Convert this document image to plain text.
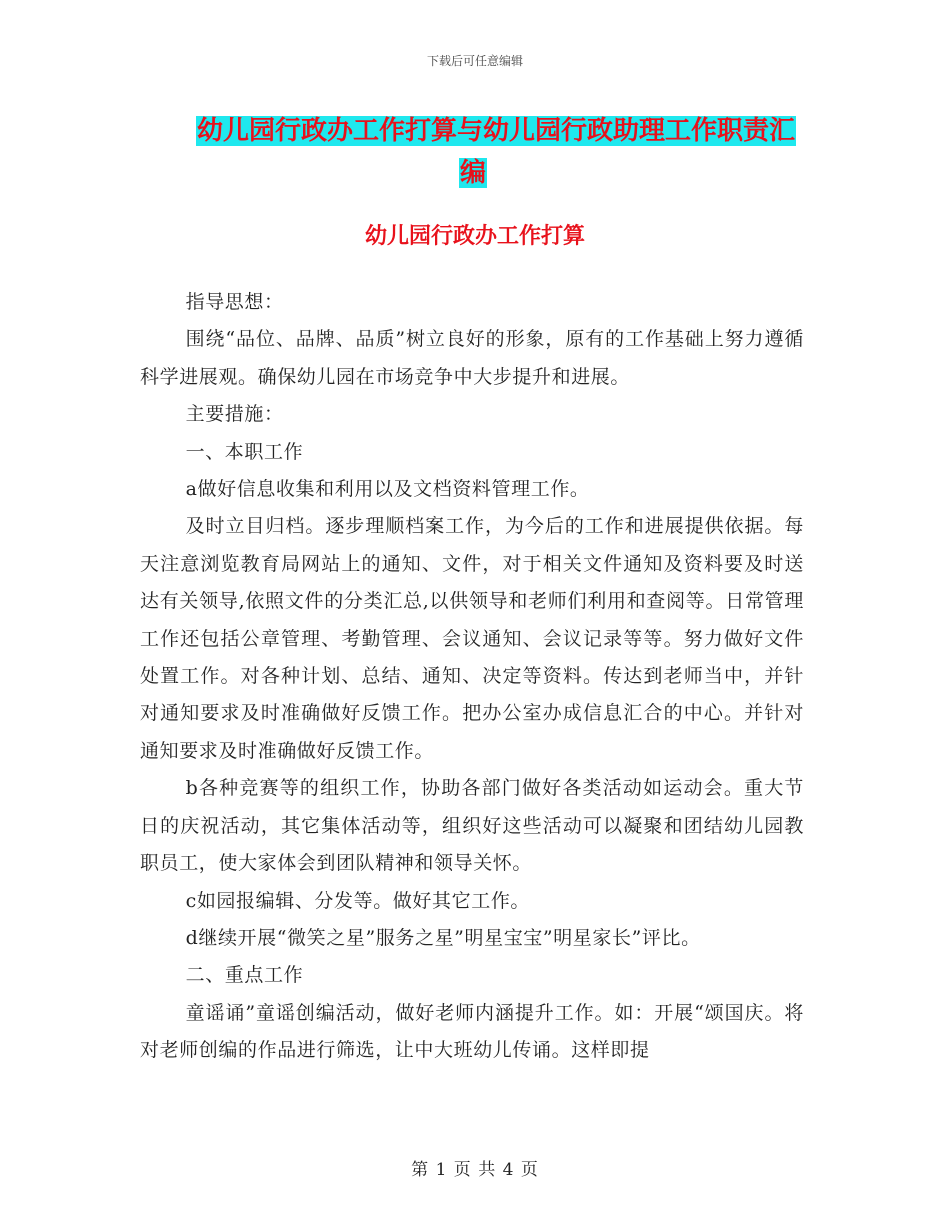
下载后可任意编辑
幼儿园行政办工作打算与幼儿园行政助理工作职责汇
编
幼儿园行政办工作打算

指导思想：

围绕“品位、品牌、品质”树立良好的形象，原有的工作基础上努力遵循科学进展观。确保幼儿园在市场竞争中大步提升和进展。

主要措施：

一、本职工作

a做好信息收集和利用以及文档资料管理工作。

及时立目归档。逐步理顺档案工作，为今后的工作和进展提供依据。每天注意浏览教育局网站上的通知、文件，对于相关文件通知及资料要及时送达有关领导,依照文件的分类汇总,以供领导和老师们利用和查阅等。日常管理工作还包括公章管理、考勤管理、会议通知、会议记录等等。努力做好文件处置工作。对各种计划、总结、通知、决定等资料。传达到老师当中，并针对通知要求及时准确做好反馈工作。把办公室办成信息汇合的中心。并针对通知要求及时准确做好反馈工作。

b各种竞赛等的组织工作，协助各部门做好各类活动如运动会。重大节日的庆祝活动，其它集体活动等，组织好这些活动可以凝聚和团结幼儿园教职员工，使大家体会到团队精神和领导关怀。

c如园报编辑、分发等。做好其它工作。

d继续开展“微笑之星”服务之星”明星宝宝”明星家长”评比。

二、重点工作

童谣诵”童谣创编活动，做好老师内涵提升工作。如：开展“颂国庆。将对老师创编的作品进行筛选，让中大班幼儿传诵。这样即提

第 1 页 共 4 页
